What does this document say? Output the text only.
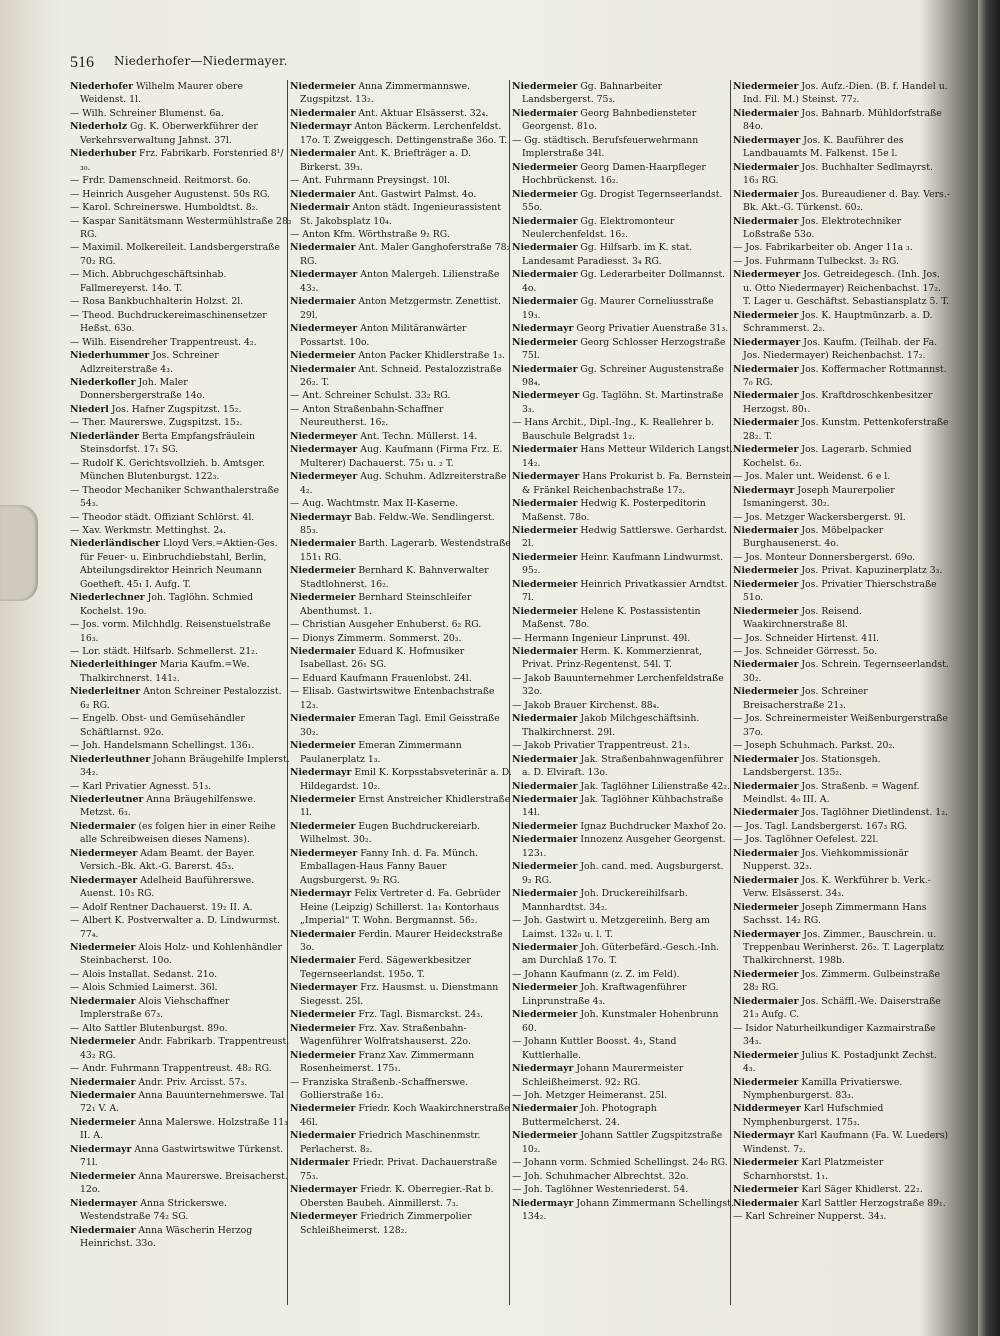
516 Niederhofer—Niedermayer.
Niederhofer Wilhelm Maurer obere Weidenst. 1l.
— Wilh. Schreiner Blumenst. 6a.
Niederholz Gg. K. Oberwerkführer der Verkehrsverwaltung Jahnst. 37l.
Niederhuber Frz. Fabrikarb. Forstenried 8¹/₃₀.
— Frdr. Damenschneid. Reitmorst. 6o.
— Heinrich Ausgeher Augustenst. 50s RG.
— Karol. Schreinerswe. Humboldtst. 8₂.
— Kaspar Sanitätsmann Westermühlstraße 28₂ RG.
— Maximil. Molkereileit. Landsbergerstraße 70₂ RG.
— Mich. Abbruchgeschäftsinhab. Fallmereyerst. 14o. T.
— Rosa Bankbuchhalterin Holzst. 2l.
— Theod. Buchdruckereimaschinensetzer Heßst. 63o.
— Wilh. Eisendreher Trappentreust. 4₂.
Niederhummer Jos. Schreiner Adlzreiterstraße 4₃.
Niederkofler Joh. Maler Donnersbergerstraße 14o.
Niederl Jos. Hafner Zugspitzst. 15₂.
— Ther. Maurerswe. Zugspitzst. 15₂.
Niederländer Berta Empfangsfräulein Steinsdorfst. 17₁ SG.
— Rudolf K. Gerichtsvollzieh. b. Amtsger. München Blutenburgst. 122₃.
— Theodor Mechaniker Schwanthalerstraße 54₃.
— Theodor städt. Offiziant Schlörst. 4l.
— Xav. Werkmstr. Mettinghst. 2₄.
Niederländischer Lloyd Vers.=Aktien-Ges. für Feuer- u. Einbruchdiebstahl, Berlin, Abteilungsdirektor Heinrich Neumann Goetheft. 45₁ I. Aufg. T.
Niederlechner Joh. Taglöhn. Schmied Kochelst. 19o.
— Jos. vorm. Milchhdlg. Reisenstuelstraße 16₃.
— Lor. städt. Hilfsarb. Schmellerst. 21₂.
Niederleithinger Maria Kaufm.=We. Thalkirchnerst. 141₂.
Niederleitner Anton Schreiner Pestalozzist. 6₂ RG.
— Engelb. Obst- und Gemüsehändler Schäftlarnst. 92o.
— Joh. Handelsmann Schellingst. 136₁.
Niederleuthner Johann Bräugehilfe Implerst. 34₂.
— Karl Privatier Agnesst. 51₃.
Niederleutner Anna Bräugehilfenswe. Metzst. 6₃.
Niedermaier (es folgen hier in einer Reihe alle Schreibweisen dieses Namens).
Niedermeyer Adam Beamt. der Bayer. Versich.-Bk. Akt.-G. Barerst. 45₃.
Niedermayer Adelheid Bauführerswe. Auenst. 10₃ RG.
— Adolf Rentner Dachauerst. 19₂ II. A.
— Albert K. Postverwalter a. D. Lindwurmst. 77₄.
Niedermeier Alois Holz- und Kohlenhändler Steinbacherst. 10o.
— Alois Installat. Sedanst. 21o.
— Alois Schmied Laimerst. 36l.
Niedermaier Alois Viehschaffner Implerstraße 67₃.
— Alto Sattler Blutenburgst. 89o.
Niedermeier Andr. Fabrikarb. Trappentreust. 43₂ RG.
— Andr. Fuhrmann Trappentreust. 48₂ RG.
Niedermaier Andr. Priv. Arcisst. 57₃.
Niedermaier Anna Bauunternehmerswe. Tal 72₁ V. A.
Niedermeier Anna Malerswe. Holzstraße 11₃ II. A.
Niedermayr Anna Gastwirtswitwe Türkenst. 71l.
Niedermeier Anna Maurerswe. Breisacherst. 12o.
Niedermayer Anna Strickerswe. Westendstraße 74₂ SG.
Niedermaier Anna Wäscherin Herzog Heinrichst. 33o.
Niedermeier Anna Zimmermannswe. Zugspitzst. 13₂.
Niedermaier Ant. Aktuar Elsässerst. 32₄.
Niedermayr Anton Bäckerm. Lerchenfeldst. 17o. T. Zweiggesch. Dettingenstraße 36o. T.
Niedermaier Ant. K. Briefträger a. D. Birkerst. 39₃.
— Ant. Fuhrmann Preysingst. 10l.
Niedermaier Ant. Gastwirt Palmst. 4o.
Niedermair Anton städt. Ingenieurassistent St. Jakobsplatz 10₄.
— Anton Kfm. Wörthstraße 9₂ RG.
Niedermaier Ant. Maler Ganghoferstraße 78₂ RG.
Niedermayer Anton Malergeh. Lilienstraße 43₂.
Niedermaier Anton Metzgermstr. Zenettist. 29l.
Niedermeyer Anton Militäranwärter Possartst. 10o.
Niedermeier Anton Packer Khidlerstraße 1₃.
Niedermaier Ant. Schneid. Pestalozzistraße 26₂. T.
— Ant. Schreiner Schulst. 33₂ RG.
— Anton Straßenbahn-Schaffner Neureutherst. 16₂.
Niedermeyer Ant. Techn. Müllerst. 14.
Niedermayer Aug. Kaufmann (Firma Frz. E. Multerer) Dachauerst. 75₁ u. ₂ T.
Niedermeyer Aug. Schuhm. Adlzreiterstraße 4₂.
— Aug. Wachtmstr. Max II-Kaserne.
Niedermayr Bab. Feldw.-We. Sendlingerst. 85₃.
Niedermaier Barth. Lagerarb. Westendstraße 151₁ RG.
Niedermeier Bernhard K. Bahnverwalter Stadtlohnerst. 16₂.
Niedermeier Bernhard Steinschleifer Abenthumst. 1.
— Christian Ausgeher Enhuberst. 6₂ RG.
— Dionys Zimmerm. Sommerst. 20₃.
Niedermaier Eduard K. Hofmusiker Isabellast. 26₁ SG.
— Eduard Kaufmann Frauenlobst. 24l.
— Elisab. Gastwirtswitwe Entenbachstraße 12₃.
Niedermaier Emeran Tagl. Emil Geisstraße 30₂.
Niedermeier Emeran Zimmermann Paulanerplatz 1₃.
Niedermayr Emil K. Korpsstabsveterinär a. D. Hildegardst. 10₂.
Niedermeier Ernst Anstreicher Khidlerstraße 1l.
Niedermeier Eugen Buchdruckereiarb. Wilhelmst. 30₂.
Niedermeyer Fanny Inh. d. Fa. Münch. Emballagen-Haus Fanny Bauer Augsburgerst. 9₂ RG.
Niedermayr Felix Vertreter d. Fa. Gebrüder Heine (Leipzig) Schillerst. 1a₁ Kontorhaus „Imperial“ T. Wohn. Bergmannst. 56₂.
Niedermaier Ferdin. Maurer Heideckstraße 3o.
Niedermaier Ferd. Sägewerkbesitzer Tegernseerlandst. 195o. T.
Niedermayer Frz. Hausmst. u. Dienstmann Siegesst. 25l.
Niedermeier Frz. Tagl. Bismarckst. 24₃.
Niedermeier Frz. Xav. Straßenbahn-Wagenführer Wolfratshauserst. 22o.
Niedermeier Franz Xav. Zimmermann Rosenheimerst. 175₁.
— Franziska Straßenb.-Schaffnerswe. Gollierstraße 16₂.
Niedermeier Friedr. Koch Waakirchnerstraße 46l.
Niedermaier Friedrich Maschinenmstr. Perlacherst. 8₂.
Nidermaier Friedr. Privat. Dachauerstraße 75₃.
Niedermayer Friedr. K. Oberregier.-Rat b. Obersten Baubeh. Ainmillerst. 7₃.
Niedermeyer Friedrich Zimmerpolier Schleißheimerst. 128₂.
Niedermeier Gg. Bahnarbeiter Landsbergerst. 75₃.
Niedermaier Georg Bahnbediensteter Georgenst. 81o.
— Gg. städtisch. Berufsfeuerwehrmann Implerstraße 34l.
Niedermeier Georg Damen-Haarpfleger Hochbrückenst. 16₂.
Niedermeier Gg. Drogist Tegernseerlandst. 55o.
Niedermaier Gg. Elektromonteur Neulerchenfeldst. 16₂.
Niedermaier Gg. Hilfsarb. im K. stat. Landesamt Paradiesst. 3₄ RG.
Niedermaier Gg. Lederarbeiter Dollmannst. 4o.
Niedermaier Gg. Maurer Corneliusstraße 19₃.
Niedermayr Georg Privatier Auenstraße 31₃.
Niedermeier Georg Schlosser Herzogstraße 75l.
Niedermaier Gg. Schreiner Augustenstraße 98₄.
Niedermeyer Gg. Taglöhn. St. Martinstraße 3₃.
— Hans Archit., Dipl.-Ing., K. Reallehrer b. Bauschule Belgradst 1₂.
Niedermaier Hans Metteur Wilderich Langst. 14₂.
Niedermayer Hans Prokurist b. Fa. Bernstein & Fränkel Reichenbachstraße 17₂.
Niedermaier Hedwig K. Posterpeditorin Maßenst. 78o.
Niedermeier Hedwig Sattlerswe. Gerhardst. 2l.
Niedermeier Heinr. Kaufmann Lindwurmst. 95₂.
Niedermeier Heinrich Privatkassier Arndtst. 7l.
Niedermeier Helene K. Postassistentin Maßenst. 78o.
— Hermann Ingenieur Linprunst. 49l.
Niedermaier Herm. K. Kommerzienrat, Privat. Prinz-Regentenst. 54l. T.
— Jakob Bauunternehmer Lerchenfeldstraße 32o.
— Jakob Brauer Kirchenst. 88₄.
Niedermaier Jakob Milchgeschäftsinh. Thalkirchnerst. 29l.
— Jakob Privatier Trappentreust. 21₃.
Niedermaier Jak. Straßenbahnwagenführer a. D. Elviraft. 13o.
Niedermaier Jak. Taglöhner Lilienstraße 42₂.
Niedermaier Jak. Taglöhner Kühbachstraße 14l.
Niedermeier Ignaz Buchdrucker Maxhof 2o.
Niedermaier Innozenz Ausgeher Georgenst. 123₁.
Niedermeier Joh. cand. med. Augsburgerst. 9₂ RG.
Niedermaier Joh. Druckereihilfsarb. Mannhardtst. 34₂.
— Joh. Gastwirt u. Metzgereiinh. Berg am Laimst. 132₀ u. l. T.
Niedermaier Joh. Güterbefärd.-Gesch.-Inh. am Durchlaß 17o. T.
— Johann Kaufmann (z. Z. im Feld).
Niedermeier Joh. Kraftwagenführer Linprunstraße 4₃.
Niedermeier Joh. Kunstmaler Hohenbrunn 60.
— Johann Kuttler Boosst. 4₁, Stand Kuttlerhalle.
Niedermayr Johann Maurermeister Schleißheimerst. 92₂ RG.
— Joh. Metzger Heimeranst. 25l.
Niedermaier Joh. Photograph Buttermelcherst. 24.
Niedermeier Johann Sattler Zugspitzstraße 10₂.
— Johann vorm. Schmied Schellingst. 24₀ RG.
— Joh. Schuhmacher Albrechtst. 32o.
— Joh. Taglöhner Westenriederst. 54.
Niedermayr Johann Zimmermann Schellingst. 134₂.
Niedermeier Jos. Aufz.-Dien. (B. f. Handel u. Ind. Fil. M.) Steinst. 77₂.
Niedermaier Jos. Bahnarb. Mühldorfstraße 84o.
Niedermayer Jos. K. Bauführer des Landbauamts M. Falkenst. 15e l.
Niedermaier Jos. Buchhalter Sedlmayrst. 16₃ RG.
Niedermaier Jos. Bureaudiener d. Bay. Vers.-Bk. Akt.-G. Türkenst. 60₂.
Niedermaier Jos. Elektrotechniker Loßstraße 53o.
— Jos. Fabrikarbeiter ob. Anger 11a ₃.
— Jos. Fuhrmann Tulbeckst. 3₂ RG.
Niedermeyer Jos. Getreidegesch. (Inh. Jos. u. Otto Niedermayer) Reichenbachst. 17₂. T. Lager u. Geschäftst. Sebastiansplatz 5. T.
Niedermeier Jos. K. Hauptmünzarb. a. D. Schrammerst. 2₂.
Niedermayer Jos. Kaufm. (Teilhab. der Fa. Jos. Niedermayer) Reichenbachst. 17₂.
Niedermaier Jos. Koffermacher Rottmannst. 7₀ RG.
Niedermaier Jos. Kraftdroschkenbesitzer Herzogst. 80₁.
Niedermaier Jos. Kunstm. Pettenkoferstraße 28₂. T.
Niedermeier Jos. Lagerarb. Schmied Kochelst. 6₂.
— Jos. Maler unt. Weidenst. 6 e l.
Niedermayr Joseph Maurerpolier Ismaningerst. 30₂.
— Jos. Metzger Wackersbergerst. 9l.
Niedermaier Jos. Möbelpacker Burghausenerst. 4o.
— Jos. Monteur Donnersbergerst. 69o.
Niedermeier Jos. Privat. Kapuzinerplatz 3₃.
Niedermeier Jos. Privatier Thierschstraße 51o.
Niedermeier Jos. Reisend. Waakirchnerstraße 8l.
— Jos. Schneider Hirtenst. 41l.
— Jos. Schneider Görresst. 5o.
Niedermaier Jos. Schrein. Tegernseerlandst. 30₂.
Niedermeier Jos. Schreiner Breisacherstraße 21₃.
— Jos. Schreinermeister Weißenburgerstraße 37o.
— Joseph Schuhmach. Parkst. 20₂.
Niedermaier Jos. Stationsgeh. Landsbergerst. 135₂.
Niedermaier Jos. Straßenb. = Wagenf. Meindlst. 4₀ III. A.
Niedermaier Jos. Taglöhner Dietlindenst. 1₂.
— Jos. Tagl. Landsbergerst. 167₃ RG.
— Jos. Taglöhner Oefelest. 22l.
Niedermaier Jos. Viehkommissionär Nupperst. 32₃.
Niedermaier Jos. K. Werkführer b. Verk.-Verw. Elsässerst. 34₃.
Niedermeier Joseph Zimmermann Hans Sachsst. 14₂ RG.
Niedermayer Jos. Zimmer., Bauschrein. u. Treppenbau Werinherst. 26₂. T. Lagerplatz Thalkirchnerst. 198b.
Niedermeier Jos. Zimmerm. Gulbeinstraße 28₂ RG.
Niedermaier Jos. Schäffl.-We. Daiserstraße 21₃ Aufg. C.
— Isidor Naturheilkundiger Kazmairstraße 34₃.
Niedermeier Julius K. Postadjunkt Zechst. 4₃.
Niedermeier Kamilla Privatierswe. Nymphenburgerst. 83₃.
Niddermeyer Karl Hufschmied Nymphenburgerst. 175₃.
Niedermayr Karl Kaufmann (Fa. W. Lueders) Windenst. 7₂.
Niedermeier Karl Platzmeister Scharnhorstst. 1₁.
Niedermeier Karl Säger Khidlerst. 22₂.
Niedermaier Karl Sattler Herzogstraße 89₁.
— Karl Schreiner Nupperst. 34₃.
